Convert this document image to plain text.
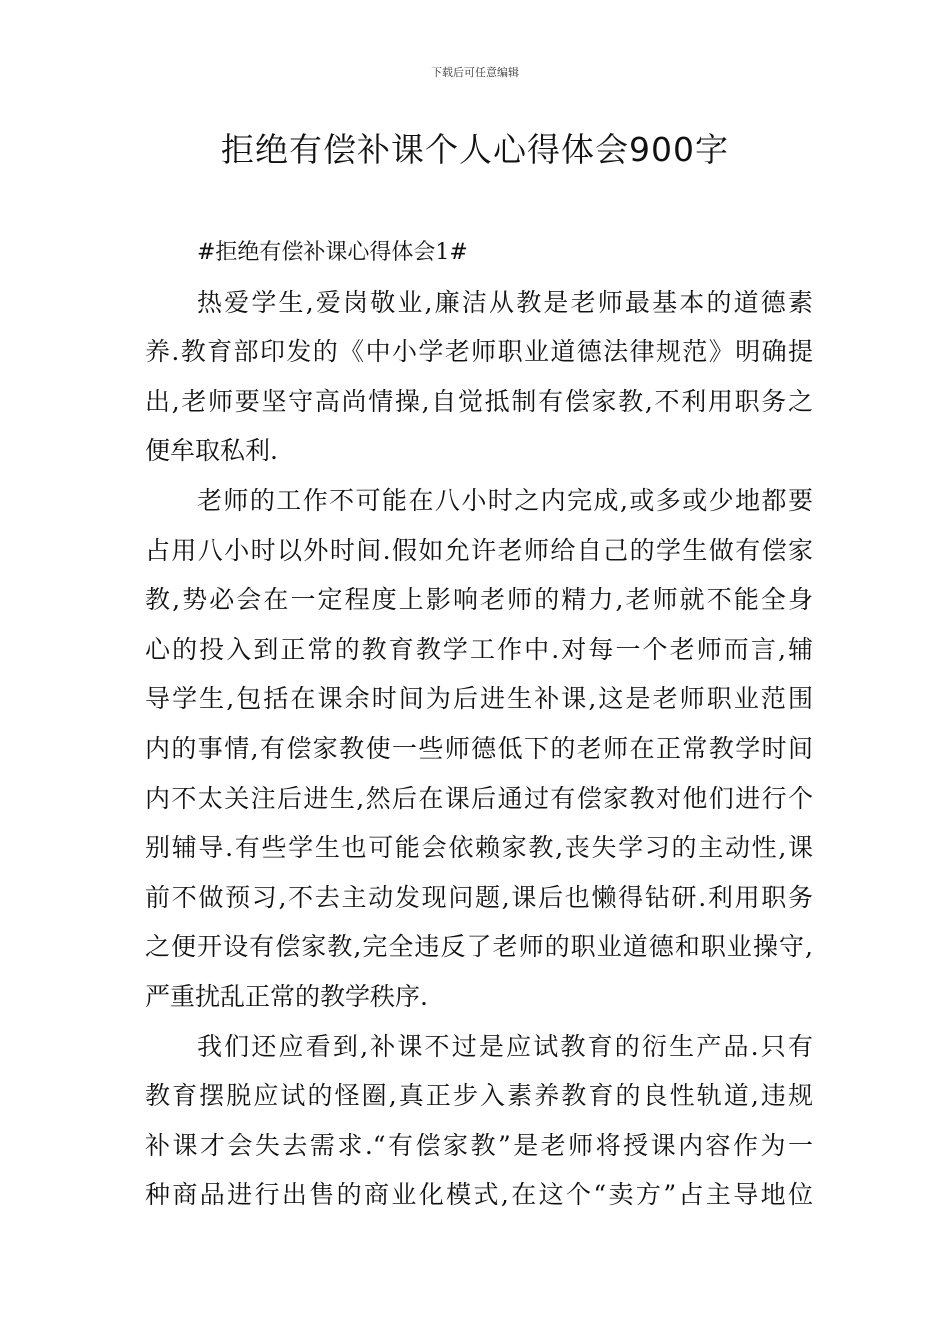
下载后可任意编辑
拒绝有偿补课个人心得体会900字
#拒绝有偿补课心得体会1#
热爱学生,爱岗敬业,廉洁从教是老师最基本的道德素
养.教育部印发的《中小学老师职业道德法律规范》明确提
出,老师要坚守高尚情操,自觉抵制有偿家教,不利用职务之
便牟取私利.
老师的工作不可能在八小时之内完成,或多或少地都要
占用八小时以外时间.假如允许老师给自己的学生做有偿家
教,势必会在一定程度上影响老师的精力,老师就不能全身
心的投入到正常的教育教学工作中.对每一个老师而言,辅
导学生,包括在课余时间为后进生补课,这是老师职业范围
内的事情,有偿家教使一些师德低下的老师在正常教学时间
内不太关注后进生,然后在课后通过有偿家教对他们进行个
别辅导.有些学生也可能会依赖家教,丧失学习的主动性,课
前不做预习,不去主动发现问题,课后也懒得钻研.利用职务
之便开设有偿家教,完全违反了老师的职业道德和职业操守,
严重扰乱正常的教学秩序.
我们还应看到,补课不过是应试教育的衍生产品.只有
教育摆脱应试的怪圈,真正步入素养教育的良性轨道,违规
补课才会失去需求.“有偿家教”是老师将授课内容作为一
种商品进行出售的商业化模式,在这个“卖方”占主导地位
